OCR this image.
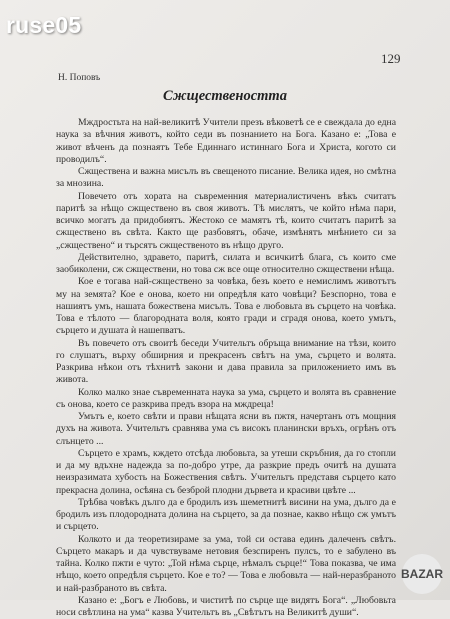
ruse05
129
Н. Поповъ
Сжществеността

Мждростьта на най-великитѣ Учители презъ вѣковетѣ се е свеждала до една наука за вѣчния животъ, който седи въ познанието на Бога. Казано е: „Това е живот вѣченъ да познаятъ Тебе Единнаго истиннаго Бога и Христа, когото си проводилъ“.

Сжществена и важна мисълъ въ свещеното писание. Велика идея, но смѣтна за мнозина.

Повечето отъ хората на съвременния материалистиченъ вѣкъ считатъ паритѣ за нѣщо сжществено въ своя животъ. Тѣ мислятъ, че който нѣма пари, всичко могатъ да придобиятъ. Жестоко се мамятъ тѣ, които считатъ паритѣ за сжществено въ свѣта. Както ще разбовятъ, обаче, измѣнятъ мнѣнието си за „сжществено“ и търсятъ сжщественото въ нѣщо друго.

Действително, здравето, паритѣ, силата и всичкитѣ блага, съ които сме заобиколени, сж сжществени, но това сж все още относително сжществени нѣща.

Кое е тогава най-сжществено за човѣка, безъ което е немислимъ животътъ му на земята? Кое е онова, което ни опредѣля като човѣци? Безспорно, това е нашиятъ умъ, нашата божествена мисълъ. Това е любовьта въ сърцето на човѣка. Това е тѣлото — благородната воля, която гради и сградя онова, което умътъ, сърцето и душата ѝ нашепватъ.

Въ повечето отъ своитѣ беседи Учительтъ обръща внимание на тѣзи, които го слушатъ, върху обширния и прекрасенъ свѣтъ на ума, сърцето и волята. Разкрива нѣкои отъ тѣхнитѣ закони и дава правила за приложението имъ въ живота.

Колко малко знае съвременната наука за ума, сърцето и волята въ сравнение съ онова, което се разкрива предъ взора на мждреца!

Умътъ е, което свѣти и прави нѣщата ясни въ пжтя, начертанъ отъ мощния духъ на живота. Учительтъ сравнява ума съ високъ планински връхъ, огрѣнъ отъ слънцето ...

Сърцето е храмъ, кждето отсѣда любовьта, за утеши скръбния, да го стопли и да му вдъхне надежда за по-добро утре, да разкрие предъ очитѣ на душата неизразимата хубость на Божествения свѣтъ. Учительтъ представя сърцето като прекрасна долина, осѣяна съ безброй плодни дървета и красиви цвѣте ...

Трѣбва човѣкъ дълго да е бродилъ изъ шеметнитѣ висини на ума, дълго да е бродилъ изъ плодородната долина на сърцето, за да познае, какво нѣщо сж умътъ и сърцето.

Колкото и да теоретизираме за ума, той си остава единъ далеченъ свѣтъ. Сърцето макаръ и да чувствуваме нетовия безспиренъ пулсъ, то е забулено въ тайна. Колко пжти е чуто: „Той нѣма сърце, нѣмалъ сърце!“ Това показва, че има нѣщо, което опредѣля сърцето. Кое е то? — Това е любовьта — най-неразбраното и най-разбраното въ свѣта.

Казано е: „Богъ е Любовь, и чиститѣ по сърце ще видятъ Бога“. „Любовьта носи свѣтлина на ума“ казва Учительтъ въ „Свѣтътъ на Великитѣ души“.

BAZAR
